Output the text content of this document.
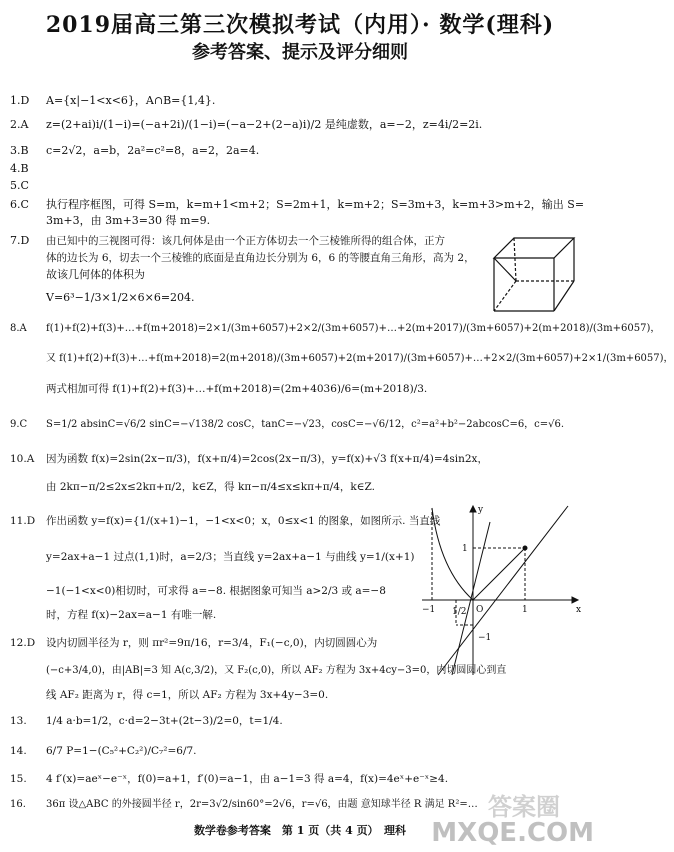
2019届高三第三次模拟考试（内用）· 数学(理科)
参考答案、提示及评分细则
1.D A={x|−1<x<6}，A∩B={1,4}.
2.A z=(2+ai)i/(1−i)=(−a+2i)/(1−i)=(−a−2+(2−a)i)/2 是纯虚数，a=−2，z=4i/2=2i.
3.B c=2√2，a=b，2a²=c²=8，a=2，2a=4.
4.B
5.C
6.C 执行程序框图，可得 S=m，k=m+1<m+2；S=2m+1，k=m+2；S=3m+3，k=m+3>m+2，输出 S=
3m+3，由 3m+3=30 得 m=9.
7.D 由已知中的三视图可得：该几何体是由一个正方体切去一个三棱锥所得的组合体，正方
体的边长为 6，切去一个三棱锥的底面是直角边长分别为 6，6 的等腰直角三角形，高为 2，
故该几何体的体积为
V=6³−1/3×1/2×6×6=204.
8.A f(1)+f(2)+f(3)+…+f(m+2018)=2×1/(3m+6057)+2×2/(3m+6057)+…+2(m+2017)/(3m+6057)+2(m+2018)/(3m+6057)，
又 f(1)+f(2)+f(3)+…+f(m+2018)=2(m+2018)/(3m+6057)+2(m+2017)/(3m+6057)+…+2×2/(3m+6057)+2×1/(3m+6057)，
两式相加可得 f(1)+f(2)+f(3)+…+f(m+2018)=(2m+4036)/6=(m+2018)/3.
9.C S=1/2 absinC=√6/2 sinC=−√138/2 cosC，tanC=−√23，cosC=−√6/12，c²=a²+b²−2abcosC=6，c=√6.
10.A 因为函数 f(x)=2sin(2x−π/3)，f(x+π/4)=2cos(2x−π/3)，y=f(x)+√3 f(x+π/4)=4sin2x，
由 2kπ−π/2≤2x≤2kπ+π/2，k∈Z，得 kπ−π/4≤x≤kπ+π/4，k∈Z.
11.D 作出函数 y=f(x)={1/(x+1)−1，−1<x<0；x，0≤x<1 的图象，如图所示. 当直线
y=2ax+a−1 过点(1,1)时，a=2/3；当直线 y=2ax+a−1 与曲线 y=1/(x+1)
−1(−1<x<0)相切时，可求得 a=−8. 根据图象可知当 a>2/3 或 a=−8
时，方程 f(x)−2ax=a−1 有唯一解.	x
y
−1	O	1
1
−1
1/2
12.D 设内切圆半径为 r，则 πr²=9π/16，r=3/4，F₁(−c,0)，内切圆圆心为
(−c+3/4,0)，由|AB|=3 知 A(c,3/2)，又 F₂(c,0)，所以 AF₂ 方程为 3x+4cy−3=0，内切圆圆心到直
线 AF₂ 距离为 r，得 c=1，所以 AF₂ 方程为 3x+4y−3=0.
13. 1/4 a·b=1/2，c·d=2−3t+(2t−3)/2=0，t=1/4.
14. 6/7 P=1−(C₅²+C₂²)/C₇²=6/7.
15. 4 f′(x)=aeˣ−e⁻ˣ，f(0)=a+1，f′(0)=a−1，由 a−1=3 得 a=4，f(x)=4eˣ+e⁻ˣ≥4.
16. 36π 设△ABC 的外接圆半径 r，2r=3√2/sin60°=2√6，r=√6，由题 意知球半径 R 满足 R²=…
数学卷参考答案　第 1 页（共 4 页）　理科
答案圈
MXQE.COM
